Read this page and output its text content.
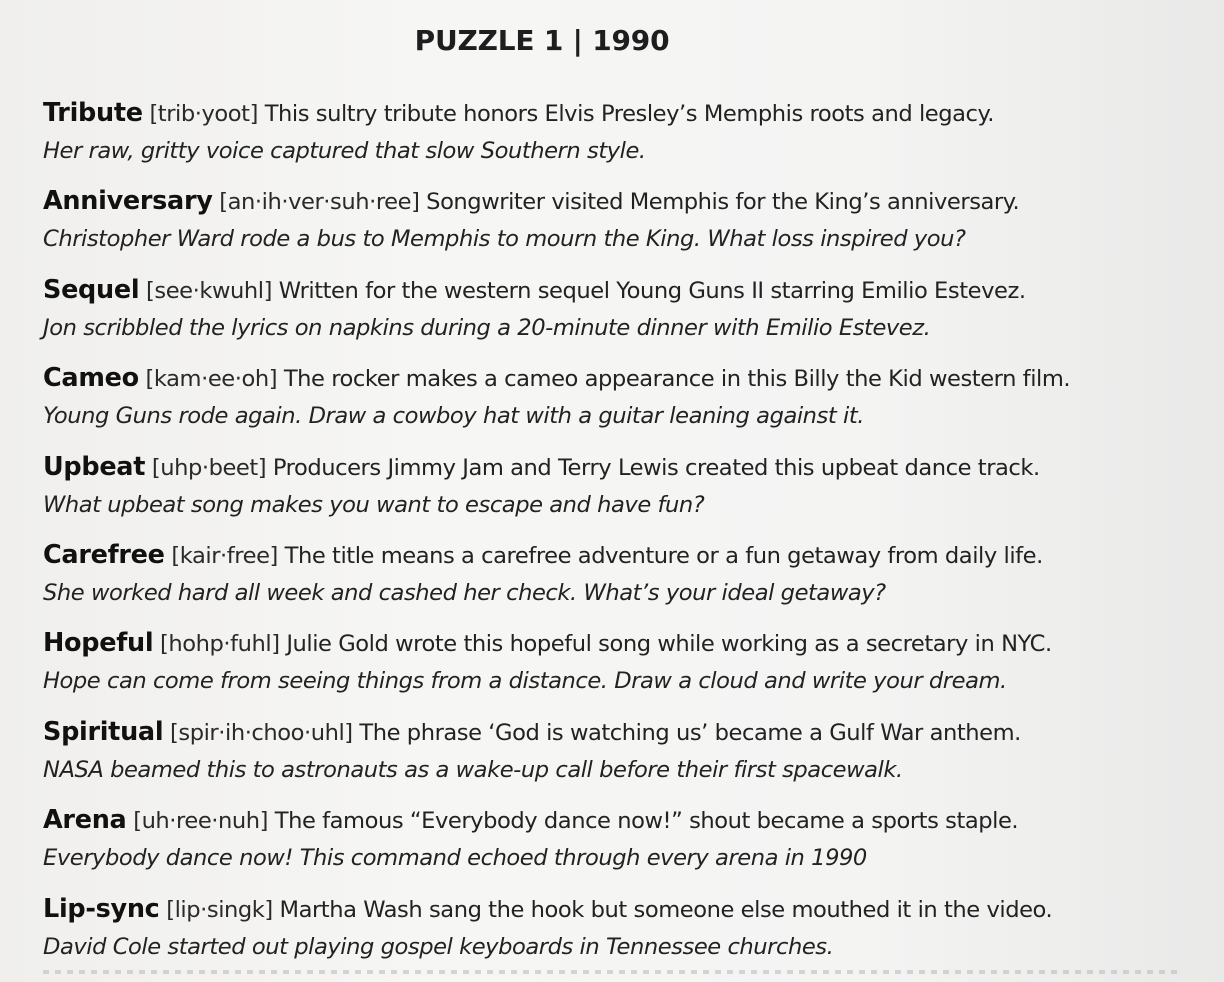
PUZZLE 1 | 1990
Tribute [trib·yoot] This sultry tribute honors Elvis Presley’s Memphis roots and legacy.
Her raw, gritty voice captured that slow Southern style.
Anniversary [an·ih·ver·suh·ree] Songwriter visited Memphis for the King’s anniversary.
Christopher Ward rode a bus to Memphis to mourn the King. What loss inspired you?
Sequel [see·kwuhl] Written for the western sequel Young Guns II starring Emilio Estevez.
Jon scribbled the lyrics on napkins during a 20-minute dinner with Emilio Estevez.
Cameo [kam·ee·oh] The rocker makes a cameo appearance in this Billy the Kid western film.
Young Guns rode again. Draw a cowboy hat with a guitar leaning against it.
Upbeat [uhp·beet] Producers Jimmy Jam and Terry Lewis created this upbeat dance track.
What upbeat song makes you want to escape and have fun?
Carefree [kair·free] The title means a carefree adventure or a fun getaway from daily life.
She worked hard all week and cashed her check. What’s your ideal getaway?
Hopeful [hohp·fuhl] Julie Gold wrote this hopeful song while working as a secretary in NYC.
Hope can come from seeing things from a distance. Draw a cloud and write your dream.
Spiritual [spir·ih·choo·uhl] The phrase ‘God is watching us’ became a Gulf War anthem.
NASA beamed this to astronauts as a wake-up call before their first spacewalk.
Arena [uh·ree·nuh] The famous “Everybody dance now!” shout became a sports staple.
Everybody dance now! This command echoed through every arena in 1990
Lip-sync [lip·singk] Martha Wash sang the hook but someone else mouthed it in the video.
David Cole started out playing gospel keyboards in Tennessee churches.
